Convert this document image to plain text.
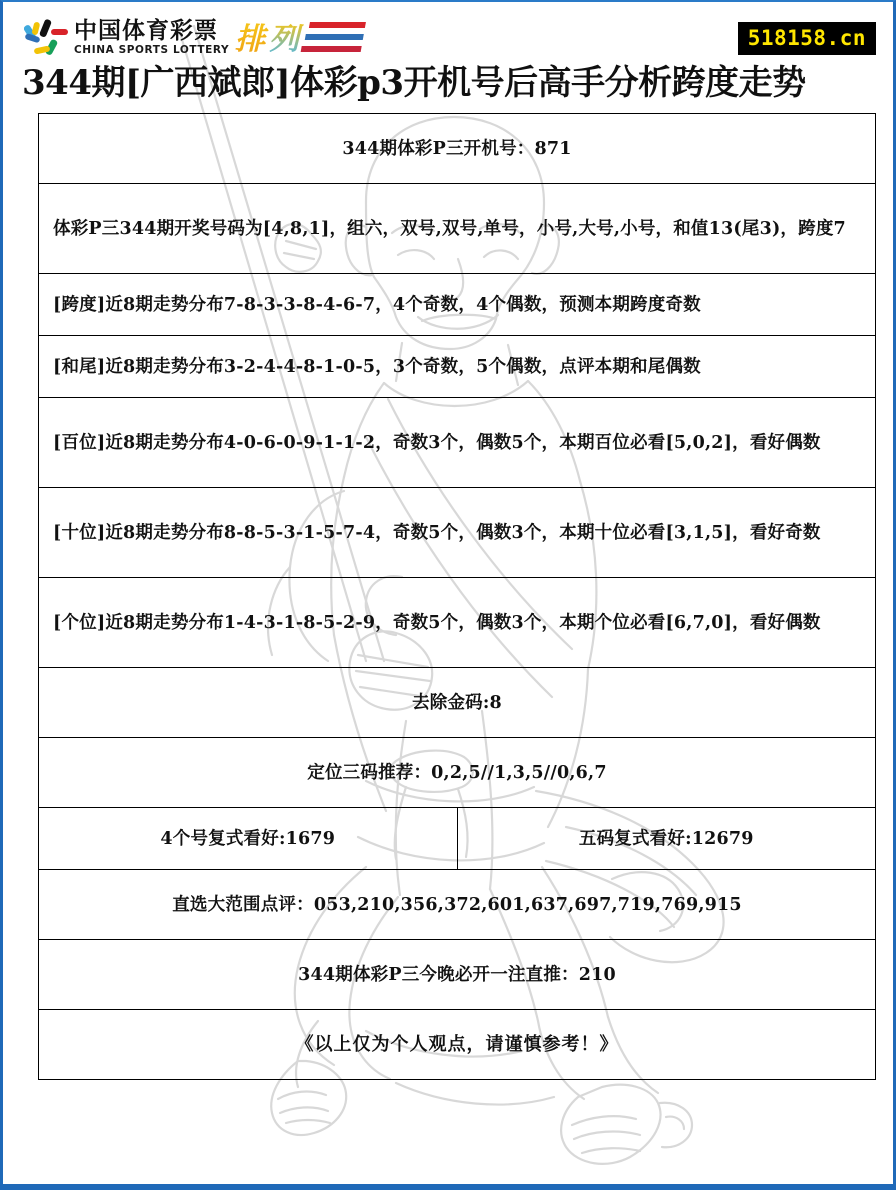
中国体育彩票
CHINA SPORTS LOTTERY 排 列	518158.cn
344期[广西斌郎]体彩p3开机号后高手分析跨度走势
344期体彩P三开机号：871

体彩P三344期开奖号码为[4,8,1]，组六，双号,双号,单号，小号,大号,小号，和值13(尾3)，跨度7

[跨度]近8期走势分布7-8-3-3-8-4-6-7，4个奇数，4个偶数，预测本期跨度奇数

[和尾]近8期走势分布3-2-4-4-8-1-0-5，3个奇数，5个偶数，点评本期和尾偶数

[百位]近8期走势分布4-0-6-0-9-1-1-2，奇数3个，偶数5个，本期百位必看[5,0,2]，看好偶数

[十位]近8期走势分布8-8-5-3-1-5-7-4，奇数5个，偶数3个，本期十位必看[3,1,5]，看好奇数

[个位]近8期走势分布1-4-3-1-8-5-2-9，奇数5个，偶数3个，本期个位必看[6,7,0]，看好偶数

去除金码:8

定位三码推荐：0,2,5//1,3,5//0,6,7

4个号复式看好:1679	五码复式看好:12679

直选大范围点评：053,210,356,372,601,637,697,719,769,915

344期体彩P三今晚必开一注直推：210

《以上仅为个人观点，请谨慎参考！》
